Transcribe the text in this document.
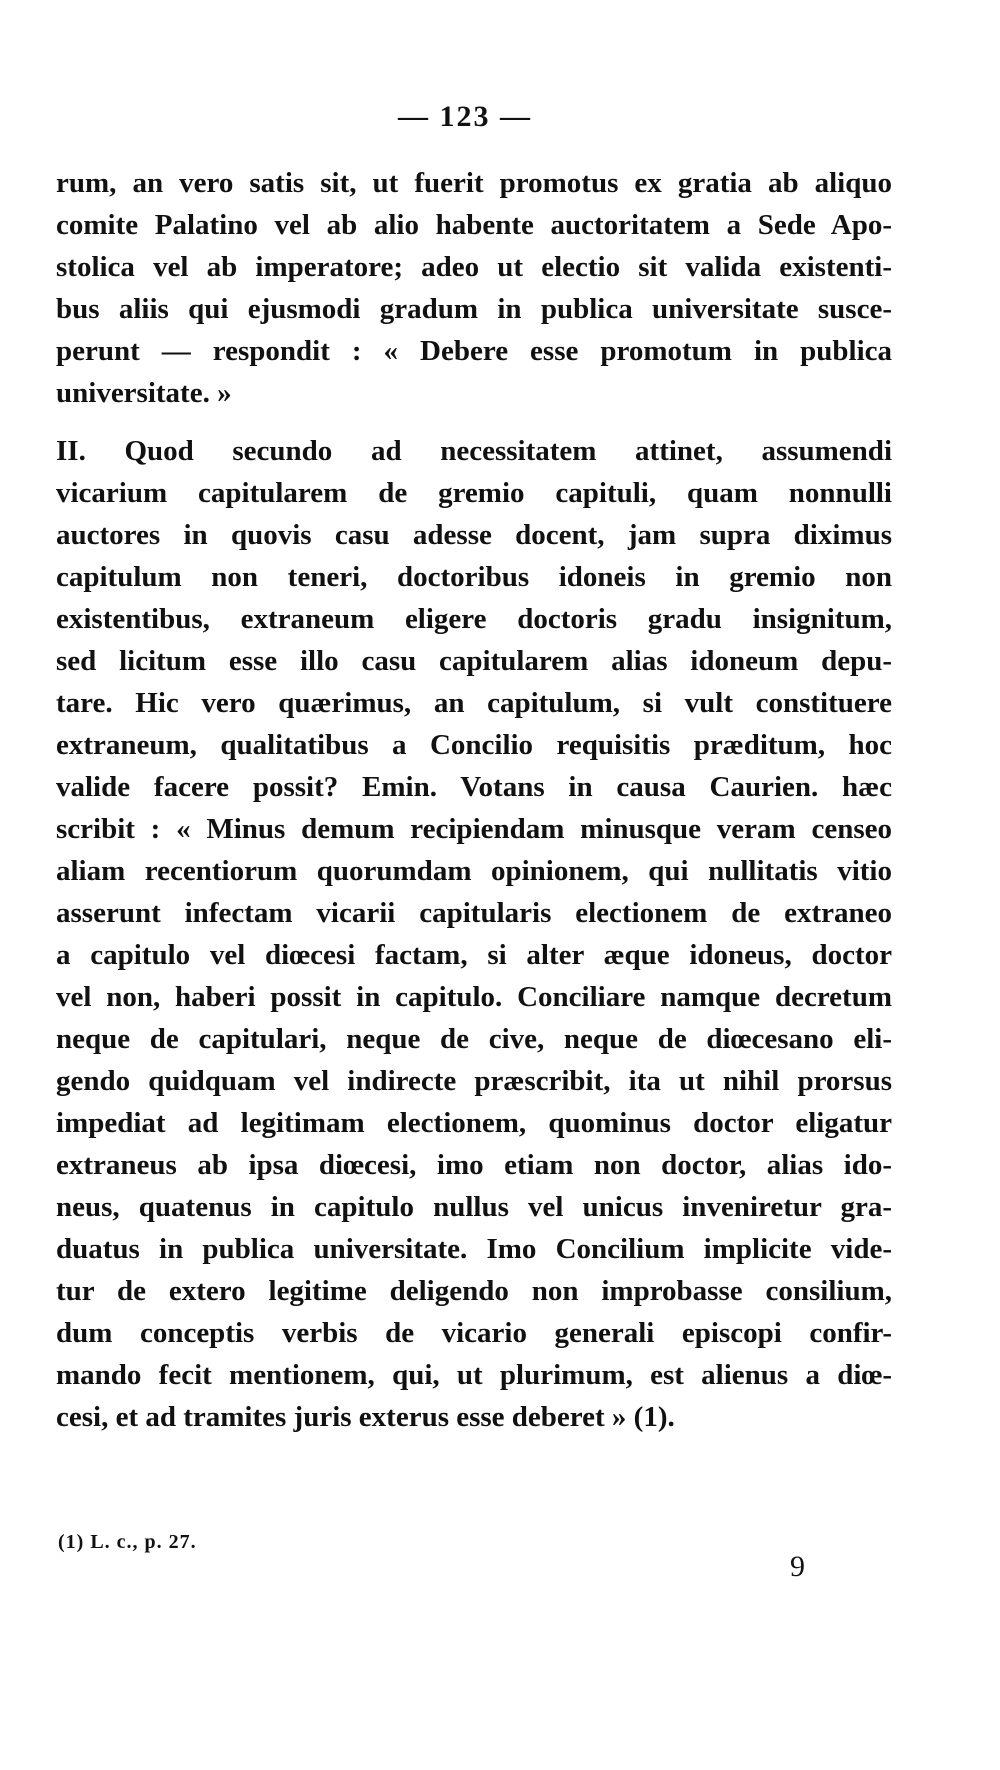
— 123 —
rum, an vero satis sit, ut fuerit promotus ex gratia ab aliquo
comite Palatino vel ab alio habente auctoritatem a Sede Apo-
stolica vel ab imperatore; adeo ut electio sit valida existenti-
bus aliis qui ejusmodi gradum in publica universitate susce-
perunt — respondit : « Debere esse promotum in publica
universitate. »
II. Quod secundo ad necessitatem attinet, assumendi
vicarium capitularem de gremio capituli, quam nonnulli
auctores in quovis casu adesse docent, jam supra diximus
capitulum non teneri, doctoribus idoneis in gremio non
existentibus, extraneum eligere doctoris gradu insignitum,
sed licitum esse illo casu capitularem alias idoneum depu-
tare. Hic vero quærimus, an capitulum, si vult constituere
extraneum, qualitatibus a Concilio requisitis præditum, hoc
valide facere possit? Emin. Votans in causa Caurien. hæc
scribit : « Minus demum recipiendam minusque veram censeo
aliam recentiorum quorumdam opinionem, qui nullitatis vitio
asserunt infectam vicarii capitularis electionem de extraneo
a capitulo vel diœcesi factam, si alter æque idoneus, doctor
vel non, haberi possit in capitulo. Conciliare namque decretum
neque de capitulari, neque de cive, neque de diœcesano eli-
gendo quidquam vel indirecte præscribit, ita ut nihil prorsus
impediat ad legitimam electionem, quominus doctor eligatur
extraneus ab ipsa diœcesi, imo etiam non doctor, alias ido-
neus, quatenus in capitulo nullus vel unicus inveniretur gra-
duatus in publica universitate. Imo Concilium implicite vide-
tur de extero legitime deligendo non improbasse consilium,
dum conceptis verbis de vicario generali episcopi confir-
mando fecit mentionem, qui, ut plurimum, est alienus a diœ-
cesi, et ad tramites juris exterus esse deberet » (1).
(1) L. c., p. 27.
9
